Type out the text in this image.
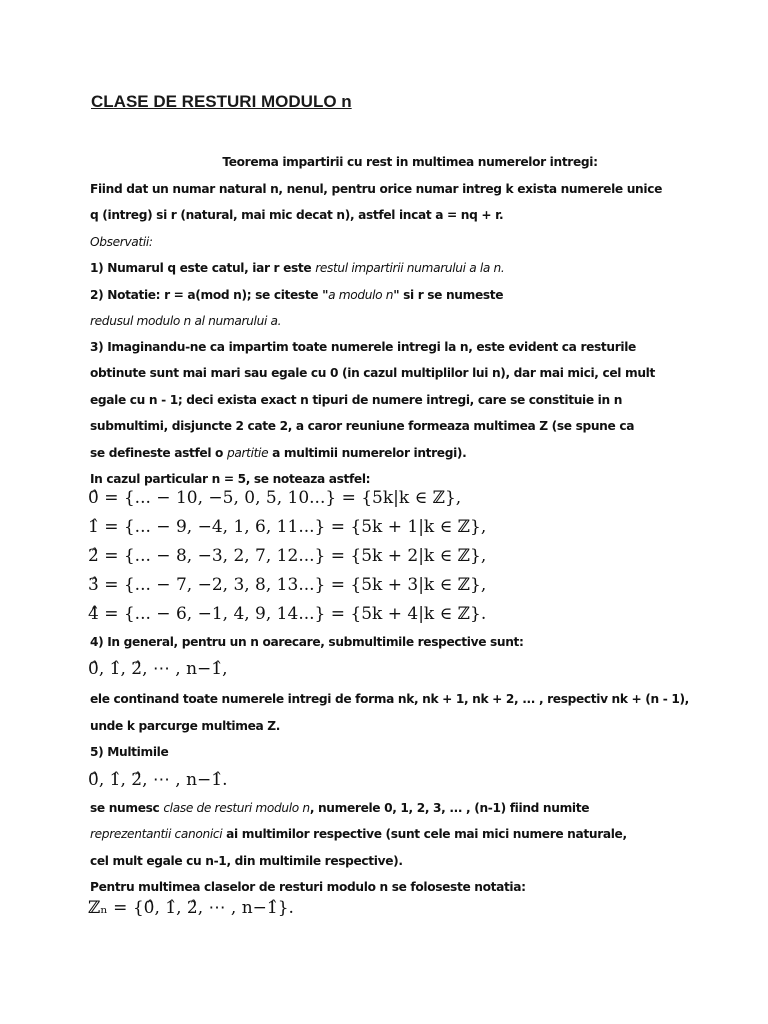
CLASE DE RESTURI MODULO n
Teorema impartirii cu rest in multimea numerelor intregi:
Fiind dat un numar natural n, nenul, pentru orice numar intreg k exista numerele unice
q (intreg) si r (natural, mai mic decat n), astfel incat a = nq + r.
Observatii:
1) Numarul q este catul, iar r este restul impartirii numarului a la n.
2) Notatie: r = a(mod n); se citeste "a modulo n" si r se numeste
redusul modulo n al numarului a.
3) Imaginandu-ne ca impartim toate numerele intregi la n, este evident ca resturile
obtinute sunt mai mari sau egale cu 0 (in cazul multiplilor lui n), dar mai mici, cel mult
egale cu n - 1; deci exista exact n tipuri de numere intregi, care se constituie in n
submultimi, disjuncte 2 cate 2, a caror reuniune formeaza multimea Z (se spune ca
se defineste astfel o partitie a multimii numerelor intregi).
In cazul particular n = 5, se noteaza astfel:
0̂ = {... − 10, −5, 0, 5, 10...} = {5k|k ∈ ℤ},
1̂ = {... − 9, −4, 1, 6, 11...} = {5k + 1|k ∈ ℤ},
2̂ = {... − 8, −3, 2, 7, 12...} = {5k + 2|k ∈ ℤ},
3̂ = {... − 7, −2, 3, 8, 13...} = {5k + 3|k ∈ ℤ},
4̂ = {... − 6, −1, 4, 9, 14...} = {5k + 4|k ∈ ℤ}.
4) In general, pentru un n oarecare, submultimile respective sunt:
0̂, 1̂, 2̂, ⋯ , n−1̂,
ele continand toate numerele intregi de forma nk, nk + 1, nk + 2, ... , respectiv nk + (n - 1),
unde k parcurge multimea Z.
5) Multimile
0̂, 1̂, 2̂, ⋯ , n−1̂.
se numesc clase de resturi modulo n, numerele 0, 1, 2, 3, ... , (n-1) fiind numite
reprezentantii canonici ai multimilor respective (sunt cele mai mici numere naturale,
cel mult egale cu n-1, din multimile respective).
Pentru multimea claselor de resturi modulo n se foloseste notatia:
ℤₙ = {0̂, 1̂, 2̂, ⋯ , n−1̂}.
